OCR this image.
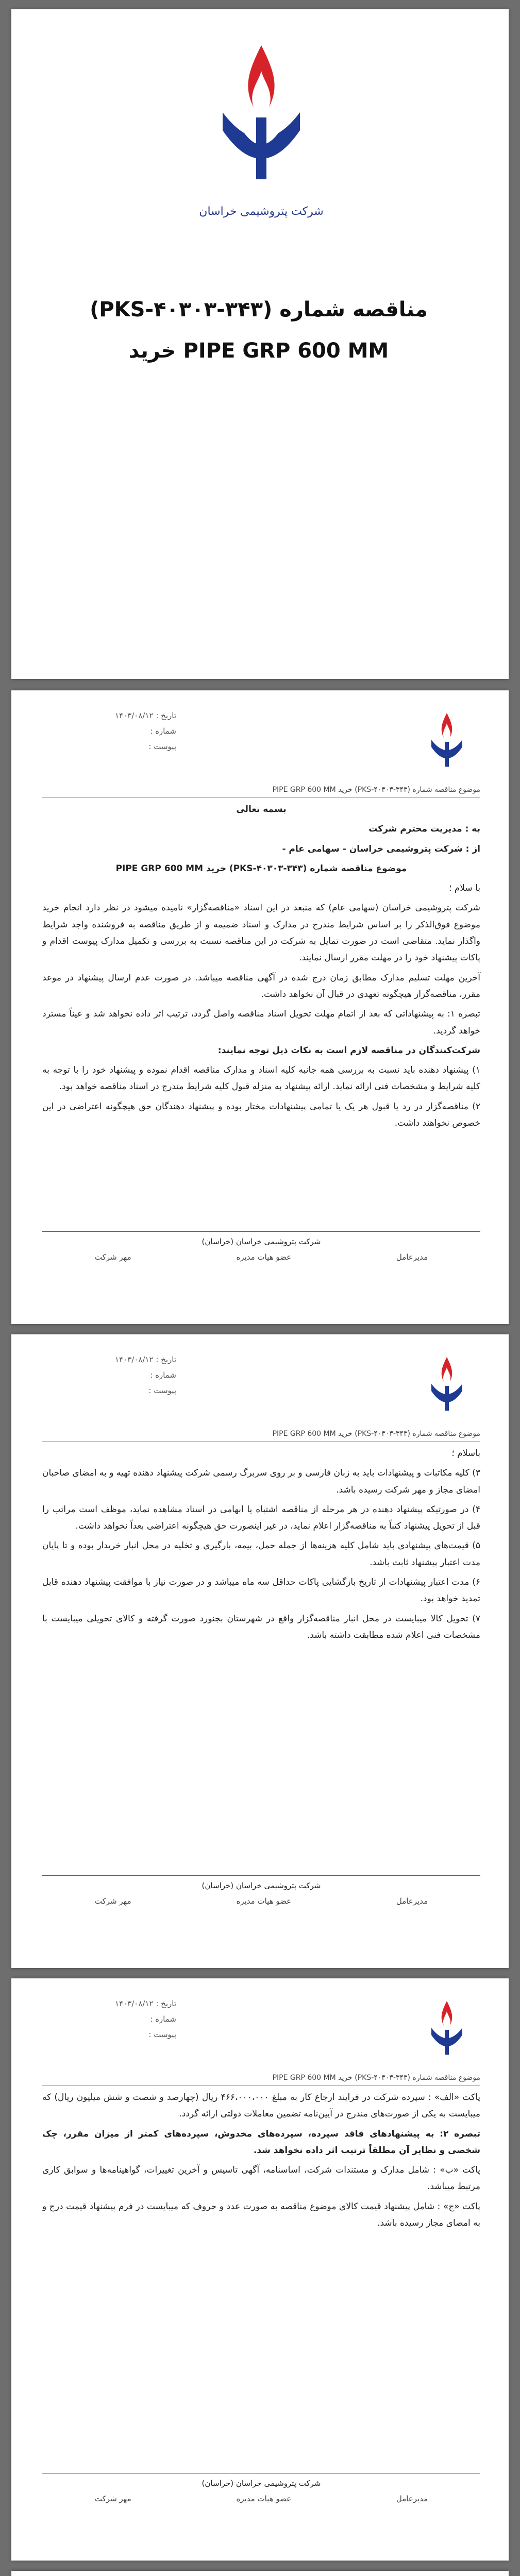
شرکت پتروشیمی خراسان
مناقصه شماره (PKS-۴۰۳۰۳-۳۴۳)
PIPE GRP 600 MM خرید
تاریخ : ۱۴۰۳/۰۸/۱۲
شماره :
پیوست :
موضوع مناقصه شماره (PKS-۴۰۳۰۳-۳۴۳) خرید PIPE GRP 600 MM

بسمه تعالی

به : مدیریت محترم شرکت

از : شرکت پتروشیمی خراسان - سهامی عام -

موضوع مناقصه شماره (PKS-۴۰۳۰۳-۳۴۳) خرید PIPE GRP 600 MM

با سلام ؛

شرکت پتروشیمی خراسان (سهامی عام) که منبعد در این اسناد «مناقصه‌گزار» نامیده میشود در نظر دارد انجام خرید موضوع فوق‌الذکر را بر اساس شرایط مندرج در مدارک و اسناد ضمیمه و از طریق مناقصه به فروشنده واجد شرایط واگذار نماید. متقاضی است در صورت تمایل به شرکت در این مناقصه نسبت به بررسی و تکمیل مدارک پیوست اقدام و پاکات پیشنهاد خود را در مهلت مقرر ارسال نمایند.

آخرین مهلت تسلیم مدارک مطابق زمان درج شده در آگهی مناقصه میباشد. در صورت عدم ارسال پیشنهاد در موعد مقرر، مناقصه‌گزار هیچگونه تعهدی در قبال آن نخواهد داشت.

تبصره ۱: به پیشنهاداتی که بعد از اتمام مهلت تحویل اسناد مناقصه واصل گردد، ترتیب اثر داده نخواهد شد و عیناً مسترد خواهد گردید.

شرکت‌کنندگان در مناقصه لازم است به نکات ذیل توجه نمایند:

۱) پیشنهاد دهنده باید نسبت به بررسی همه جانبه کلیه اسناد و مدارک مناقصه اقدام نموده و پیشنهاد خود را با توجه به کلیه شرایط و مشخصات فنی ارائه نماید. ارائه پیشنهاد به منزله قبول کلیه شرایط مندرج در اسناد مناقصه خواهد بود.

۲) مناقصه‌گزار در رد یا قبول هر یک یا تمامی پیشنهادات مختار بوده و پیشنهاد دهندگان حق هیچگونه اعتراضی در این خصوص نخواهند داشت.

شرکت پتروشیمی خراسان (خراسان)
مدیرعامل
عضو هیات مدیره
مهر شرکت
تاریخ : ۱۴۰۳/۰۸/۱۲
شماره :
پیوست :
موضوع مناقصه شماره (PKS-۴۰۳۰۳-۳۴۳) خرید PIPE GRP 600 MM

باسلام ؛

۳) کلیه مکاتبات و پیشنهادات باید به زبان فارسی و بر روی سربرگ رسمی شرکت پیشنهاد دهنده تهیه و به امضای صاحبان امضای مجاز و مهر شرکت رسیده باشد.

۴) در صورتیکه پیشنهاد دهنده در هر مرحله از مناقصه اشتباه یا ابهامی در اسناد مشاهده نماید، موظف است مراتب را قبل از تحویل پیشنهاد کتباً به مناقصه‌گزار اعلام نماید، در غیر اینصورت حق هیچگونه اعتراضی بعداً نخواهد داشت.

۵) قیمت‌های پیشنهادی باید شامل کلیه هزینه‌ها از جمله حمل، بیمه، بارگیری و تخلیه در محل انبار خریدار بوده و تا پایان مدت اعتبار پیشنهاد ثابت باشد.

۶) مدت اعتبار پیشنهادات از تاریخ بازگشایی پاکات حداقل سه ماه میباشد و در صورت نیاز با موافقت پیشنهاد دهنده قابل تمدید خواهد بود.

۷) تحویل کالا میبایست در محل انبار مناقصه‌گزار واقع در شهرستان بجنورد صورت گرفته و کالای تحویلی میبایست با مشخصات فنی اعلام شده مطابقت داشته باشد.

شرکت پتروشیمی خراسان (خراسان)
مدیرعامل
عضو هیات مدیره
مهر شرکت
تاریخ : ۱۴۰۳/۰۸/۱۲
شماره :
پیوست :
موضوع مناقصه شماره (PKS-۴۰۳۰۳-۳۴۳) خرید PIPE GRP 600 MM

پاکت «الف» : سپرده شرکت در فرایند ارجاع کار به مبلغ ۴۶۶،۰۰۰،۰۰۰ ریال (چهارصد و شصت و شش میلیون ریال) که میبایست به یکی از صورت‌های مندرج در آیین‌نامه تضمین معاملات دولتی ارائه گردد.

تبصره ۲: به پیشنهادهای فاقد سپرده، سپرده‌های مخدوش، سپرده‌های کمتر از میزان مقرر، چک شخصی و نظایر آن مطلقاً ترتیب اثر داده نخواهد شد.

پاکت «ب» : شامل مدارک و مستندات شرکت، اساسنامه، آگهی تاسیس و آخرین تغییرات، گواهینامه‌ها و سوابق کاری مرتبط میباشد.

پاکت «ج» : شامل پیشنهاد قیمت کالای موضوع مناقصه به صورت عدد و حروف که میبایست در فرم پیشنهاد قیمت درج و به امضای مجاز رسیده باشد.

شرکت پتروشیمی خراسان (خراسان)
مدیرعامل
عضو هیات مدیره
مهر شرکت
